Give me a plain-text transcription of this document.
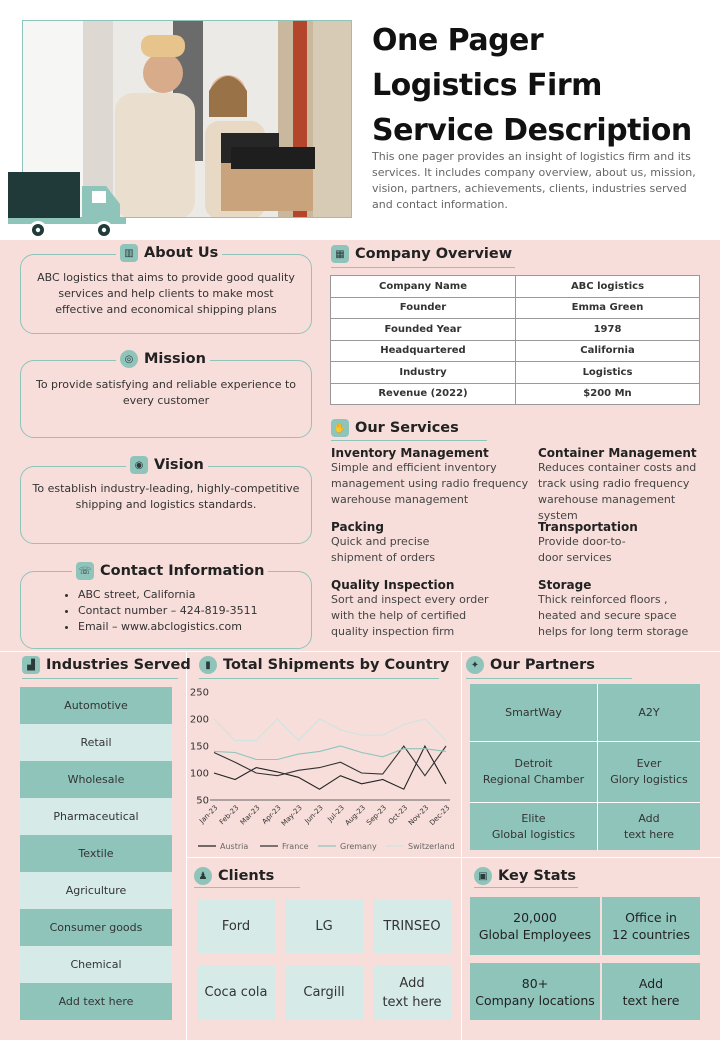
One Pager
Logistics Firm
Service Description
This one pager provides an insight of logistics firm and its services. It includes company overview, about us, mission, vision, partners, achievements, clients, industries served and contact information.
▥ About Us
ABC logistics that aims to provide good quality services and help clients to make most effective and economical shipping plans
◎ Mission
To provide satisfying and reliable experience to every customer
◉ Vision
To establish industry-leading, highly-competitive shipping and logistics standards.
☏ Contact Information
• ABC street, California
• Contact number – 424-819-3511
• Email – www.abclogistics.com
▦ Company Overview
Company Name	ABC logistics
Founder	Emma Green
Founded Year	1978
Headquartered	California
Industry	Logistics
Revenue (2022)	$200 Mn
✋ Our Services
Inventory Management
Simple and efficient inventory
management using radio frequency
warehouse management
Container Management
Reduces container costs and
track using radio frequency
warehouse management system
Packing
Quick and precise
shipment of orders
Transportation
Provide door-to-
door services
Quality Inspection
Sort and inspect every order
with the help of certified
quality inspection firm
Storage
Thick reinforced floors ,
heated and secure space
helps for long term storage
▟ Industries Served
Automotive
Retail
Wholesale
Pharmaceutical
Textile
Agriculture
Consumer goods
Chemical
Add text here
▮ Total Shipments by Country
50
100
150
200
250
Jan-23
Feb-23
Mar-23 Apr-23
May-23 Jun-23 Jul-23
Aug-23
Sep-23
Oct-23
Nov-23
Dec-23
Austria	France	Gremany	Switzerland
✦ Our Partners
SmartWay	A2Y
Detroit
Regional Chamber
Ever
Glory logistics
Elite
Global logistics
Add
text here
♟ Clients
Ford	LG	TRINSEO
Coca cola	Cargill
Add
text here
▣ Key Stats
20,000
Global Employees
Office in
12 countries
80+
Company locations
Add
text here
